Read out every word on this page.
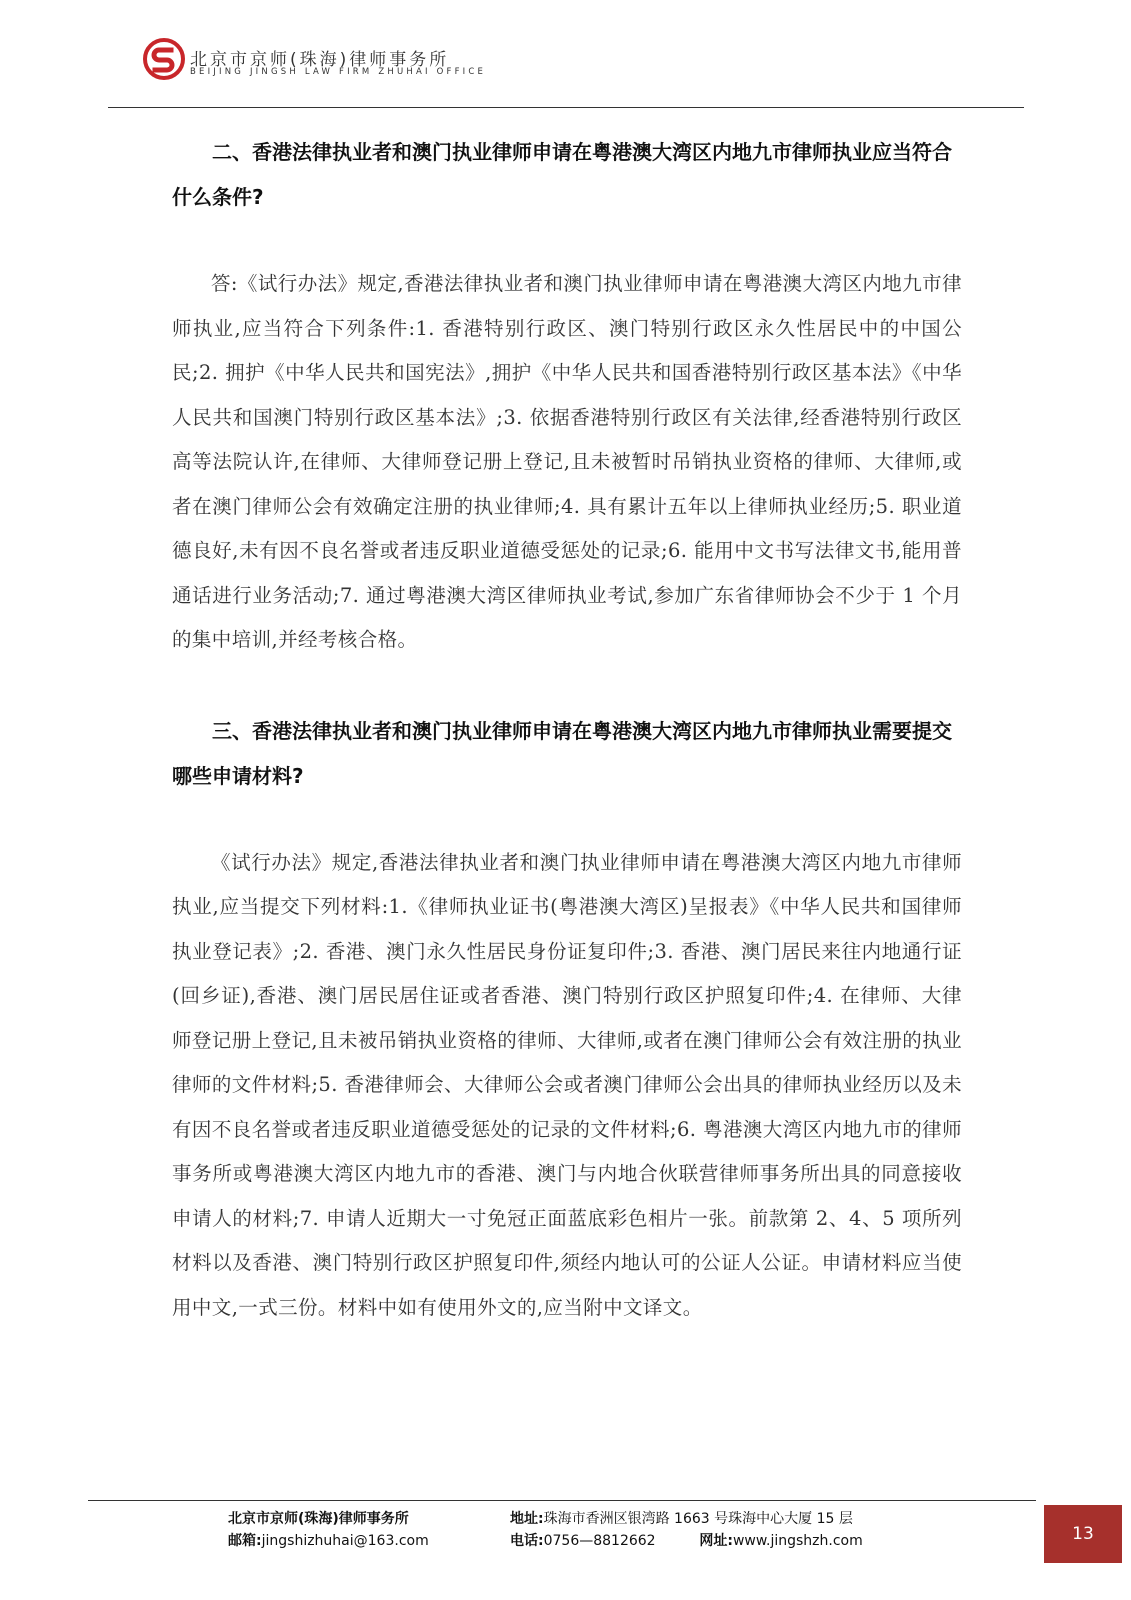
北京市京师(珠海)律师事务所
BEIJING JINGSH LAW FIRM ZHUHAI OFFICE

二、香港法律执业者和澳门执业律师申请在粤港澳大湾区内地九市律师执业应当符合什么条件?

答:《试行办法》规定,香港法律执业者和澳门执业律师申请在粤港澳大湾区内地九市律师执业,应当符合下列条件:1. 香港特别行政区、澳门特别行政区永久性居民中的中国公民;2. 拥护《中华人民共和国宪法》,拥护《中华人民共和国香港特别行政区基本法》《中华人民共和国澳门特别行政区基本法》;3. 依据香港特别行政区有关法律,经香港特别行政区高等法院认许,在律师、大律师登记册上登记,且未被暂时吊销执业资格的律师、大律师,或者在澳门律师公会有效确定注册的执业律师;4. 具有累计五年以上律师执业经历;5. 职业道德良好,未有因不良名誉或者违反职业道德受惩处的记录;6. 能用中文书写法律文书,能用普通话进行业务活动;7. 通过粤港澳大湾区律师执业考试,参加广东省律师协会不少于 1 个月的集中培训,并经考核合格。

三、香港法律执业者和澳门执业律师申请在粤港澳大湾区内地九市律师执业需要提交哪些申请材料?

《试行办法》规定,香港法律执业者和澳门执业律师申请在粤港澳大湾区内地九市律师执业,应当提交下列材料:1.《律师执业证书(粤港澳大湾区)呈报表》《中华人民共和国律师执业登记表》;2. 香港、澳门永久性居民身份证复印件;3. 香港、澳门居民来往内地通行证(回乡证),香港、澳门居民居住证或者香港、澳门特别行政区护照复印件;4. 在律师、大律师登记册上登记,且未被吊销执业资格的律师、大律师,或者在澳门律师公会有效注册的执业律师的文件材料;5. 香港律师会、大律师公会或者澳门律师公会出具的律师执业经历以及未有因不良名誉或者违反职业道德受惩处的记录的文件材料;6. 粤港澳大湾区内地九市的律师事务所或粤港澳大湾区内地九市的香港、澳门与内地合伙联营律师事务所出具的同意接收申请人的材料;7. 申请人近期大一寸免冠正面蓝底彩色相片一张。前款第 2、4、5 项所列材料以及香港、澳门特别行政区护照复印件,须经内地认可的公证人公证。申请材料应当使用中文,一式三份。材料中如有使用外文的,应当附中文译文。

北京市京师(珠海)律师事务所
邮箱:jingshizhuhai@163.com
地址:珠海市香洲区银湾路 1663 号珠海中心大厦 15 层
电话:0756—8812662	网址:www.jingshzh.com	13
